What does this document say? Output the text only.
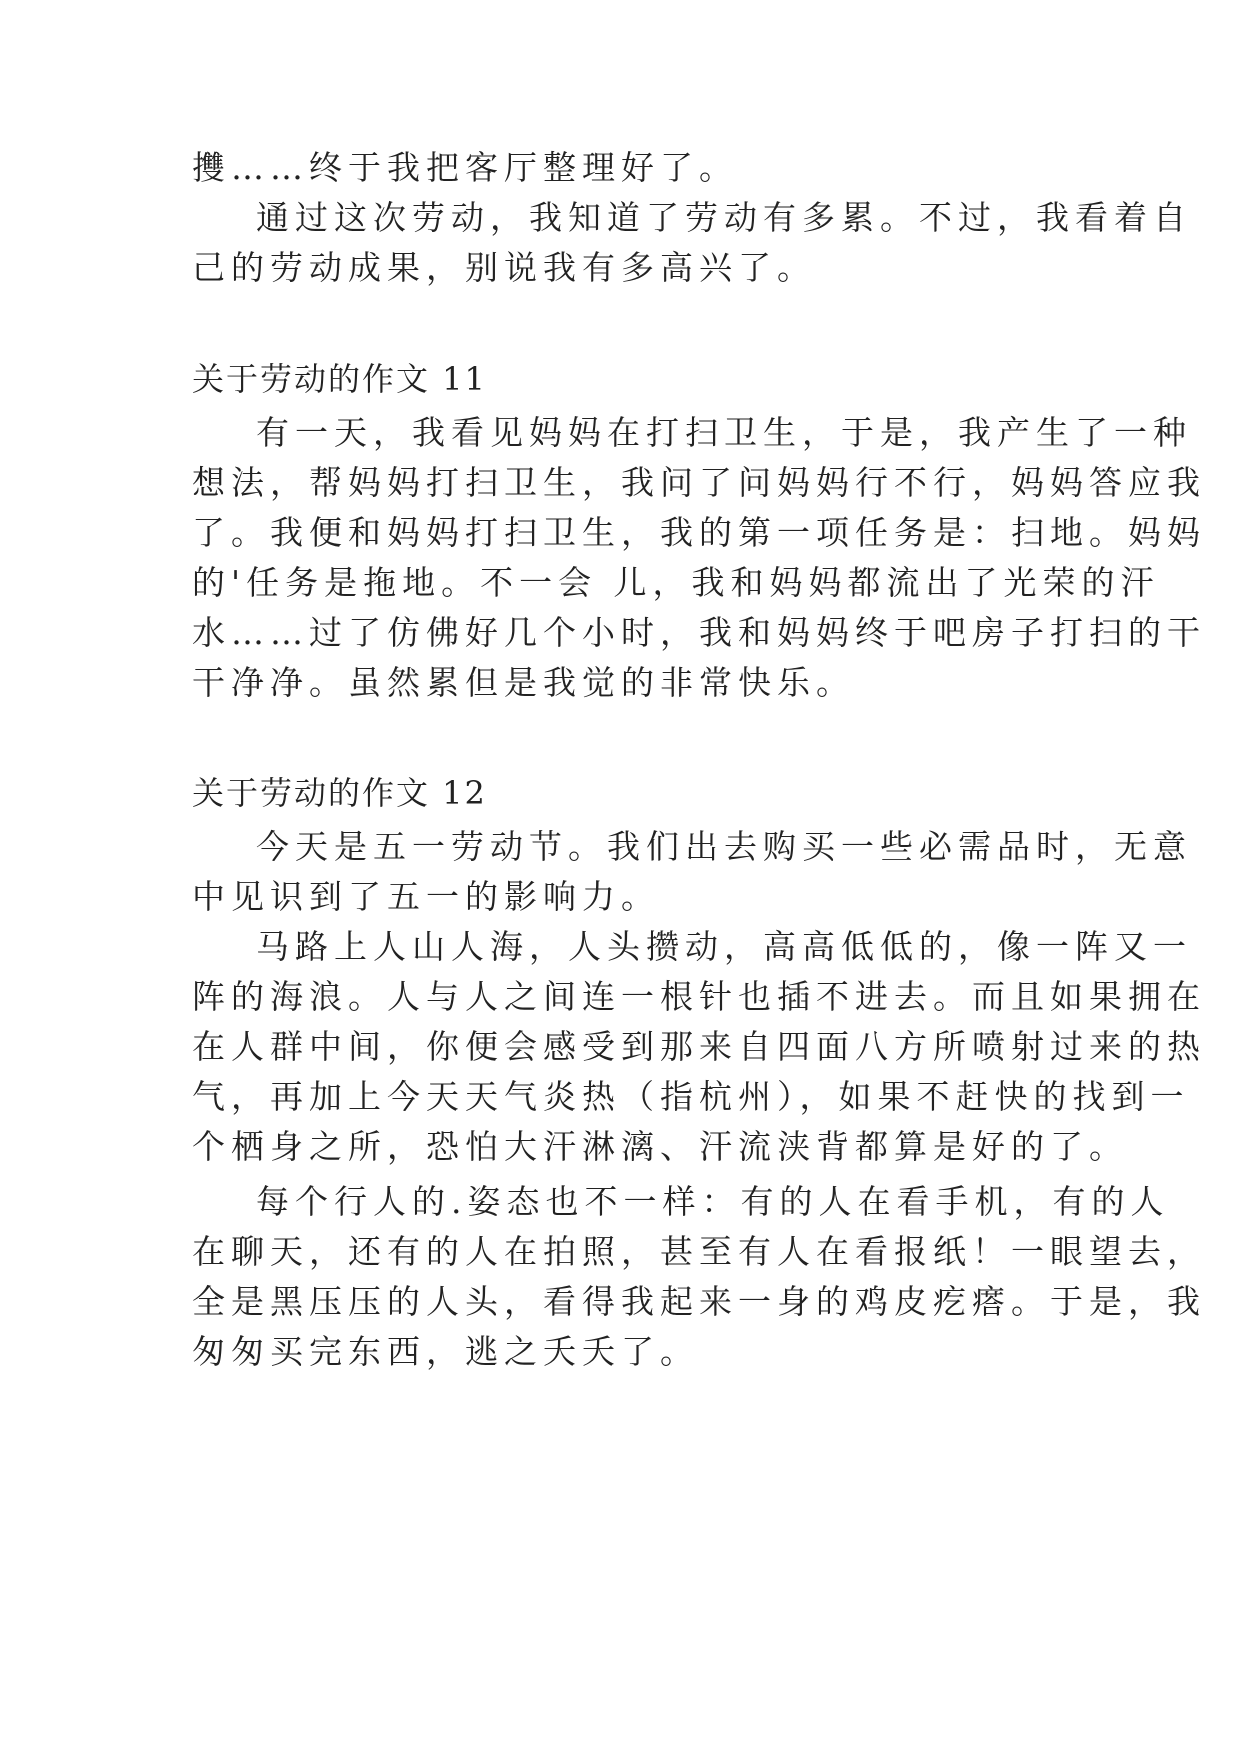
㩳……终于我把客厅整理好了。
通过这次劳动，我知道了劳动有多累。不过，我看着自
己的劳动成果，别说我有多高兴了。
关于劳动的作文 11
有一天，我看见妈妈在打扫卫生，于是，我产生了一种
想法，帮妈妈打扫卫生，我问了问妈妈行不行，妈妈答应我
了。我便和妈妈打扫卫生，我的第一项任务是：扫地。妈妈
的'任务是拖地。不一会 儿，我和妈妈都流出了光荣的汗
水……过了仿佛好几个小时，我和妈妈终于吧房子打扫的干
干净净。虽然累但是我觉的非常快乐。
关于劳动的作文 12
今天是五一劳动节。我们出去购买一些必需品时，无意
中见识到了五一的影响力。
马路上人山人海，人头攒动，高高低低的，像一阵又一
阵的海浪。人与人之间连一根针也插不进去。而且如果拥在
在人群中间，你便会感受到那来自四面八方所喷射过来的热
气，再加上今天天气炎热（指杭州），如果不赶快的找到一
个栖身之所，恐怕大汗淋漓、汗流浃背都算是好的了。
每个行人的.姿态也不一样：有的人在看手机，有的人
在聊天，还有的人在拍照，甚至有人在看报纸！一眼望去，
全是黑压压的人头，看得我起来一身的鸡皮疙瘩。于是，我
匆匆买完东西，逃之夭夭了。
